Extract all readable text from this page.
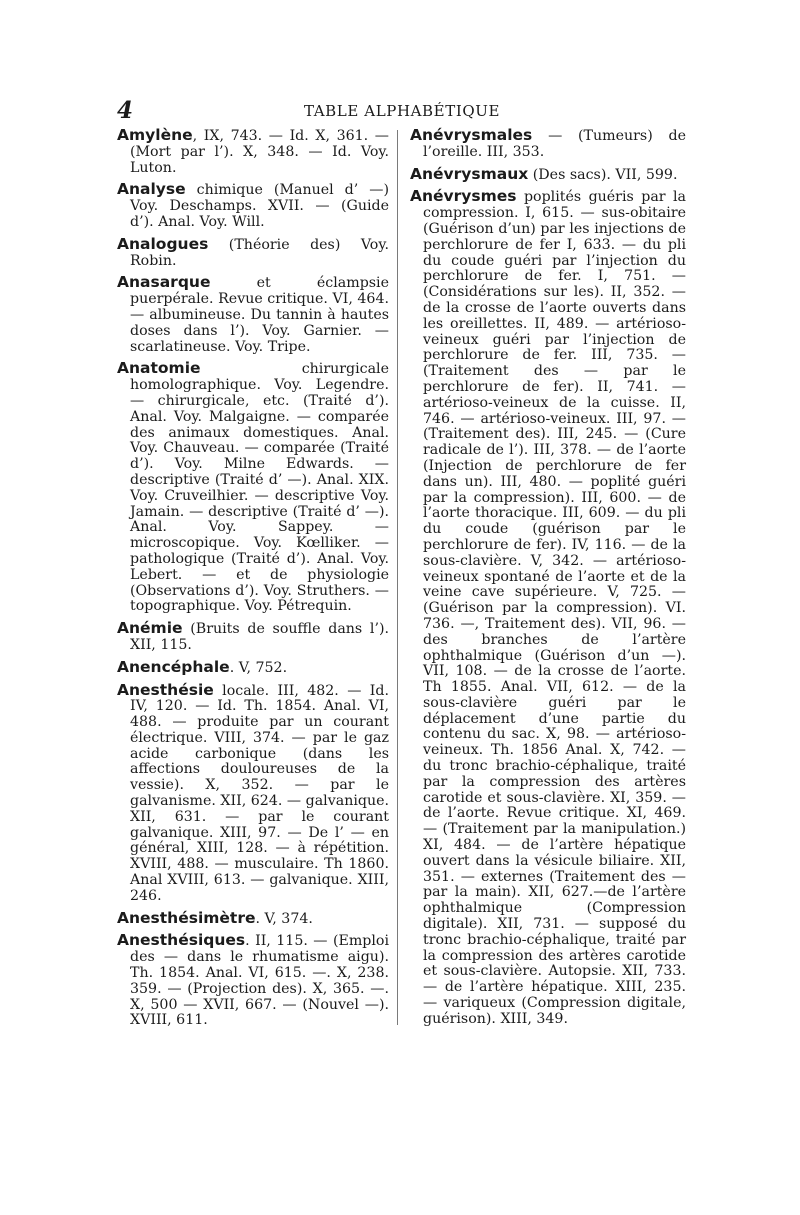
4	TABLE ALPHABÉTIQUE

Amylène, IX, 743. — Id. X, 361. — (Mort par l’). X, 348. — Id. Voy. Luton.

Analyse chimique (Manuel d’ —) Voy. Deschamps. XVII. — (Guide d’). Anal. Voy. Will.

Analogues (Théorie des) Voy. Robin.

Anasarque et éclampsie puerpérale. Revue critique. VI, 464. — albumineuse. Du tannin à hautes doses dans l’). Voy. Garnier. — scarlatineuse. Voy. Tripe.

Anatomie chirurgicale homolographique. Voy. Legendre. — chirurgicale, etc. (Traité d’). Anal. Voy. Malgaigne. — comparée des animaux domestiques. Anal. Voy. Chauveau. — comparée (Traité d’). Voy. Milne Edwards. — descriptive (Traité d’ —). Anal. XIX. Voy. Cruveilhier. — descriptive Voy. Jamain. — descriptive (Traité d’ —). Anal. Voy. Sappey. — microscopique. Voy. Kœlliker. — pathologique (Traité d’). Anal. Voy. Lebert. — et de physiologie (Observations d’). Voy. Struthers. — topographique. Voy. Pétrequin.

Anémie (Bruits de souffle dans l’). XII, 115.

Anencéphale. V, 752.

Anesthésie locale. III, 482. — Id. IV, 120. — Id. Th. 1854. Anal. VI, 488. — produite par un courant électrique. VIII, 374. — par le gaz acide carbonique (dans les affections douloureuses de la vessie). X, 352. — par le galvanisme. XII, 624. — galvanique. XII, 631. — par le courant galvanique. XIII, 97. — De l’ — en général, XIII, 128. — à répétition. XVIII, 488. — musculaire. Th 1860. Anal XVIII, 613. — galvanique. XIII, 246.

Anesthésimètre. V, 374.

Anesthésiques. II, 115. — (Emploi des — dans le rhumatisme aigu). Th. 1854. Anal. VI, 615. —. X, 238. 359. — (Projection des). X, 365. —. X, 500 — XVII, 667. — (Nouvel —). XVIII, 611.

Anévrysmales — (Tumeurs) de l’oreille. III, 353.

Anévrysmaux (Des sacs). VII, 599.

Anévrysmes poplités guéris par la compression. I, 615. — sus-obitaire (Guérison d’un) par les injections de perchlorure de fer I, 633. — du pli du coude guéri par l’injection du perchlorure de fer. I, 751. — (Considérations sur les). II, 352. — de la crosse de l’aorte ouverts dans les oreillettes. II, 489. — artérioso-veineux guéri par l’injection de perchlorure de fer. III, 735. — (Traitement des — par le perchlorure de fer). II, 741. — artérioso-veineux de la cuisse. II, 746. — artérioso-veineux. III, 97. — (Traitement des). III, 245. — (Cure radicale de l’). III, 378. — de l’aorte (Injection de perchlorure de fer dans un). III, 480. — poplité guéri par la compression). III, 600. — de l’aorte thoracique. III, 609. — du pli du coude (guérison par le perchlorure de fer). IV, 116. — de la sous-clavière. V, 342. — artérioso-veineux spontané de l’aorte et de la veine cave supérieure. V, 725. — (Guérison par la compression). VI. 736. —, Traitement des). VII, 96. — des branches de l’artère ophthalmique (Guérison d’un —). VII, 108. — de la crosse de l’aorte. Th 1855. Anal. VII, 612. — de la sous-clavière guéri par le déplacement d’une partie du contenu du sac. X, 98. — artérioso-veineux. Th. 1856 Anal. X, 742. — du tronc brachio-céphalique, traité par la compression des artères carotide et sous-clavière. XI, 359. — de l’aorte. Revue critique. XI, 469. — (Traitement par la manipulation.) XI, 484. — de l’artère hépatique ouvert dans la vésicule biliaire. XII, 351. — externes (Traitement des — par la main). XII, 627.—de l’artère ophthalmique (Compression digitale). XII, 731. — supposé du tronc brachio-céphalique, traité par la compression des artères carotide et sous-clavière. Autopsie. XII, 733. — de l’artère hépatique. XIII, 235. — variqueux (Compression digitale, guérison). XIII, 349.
